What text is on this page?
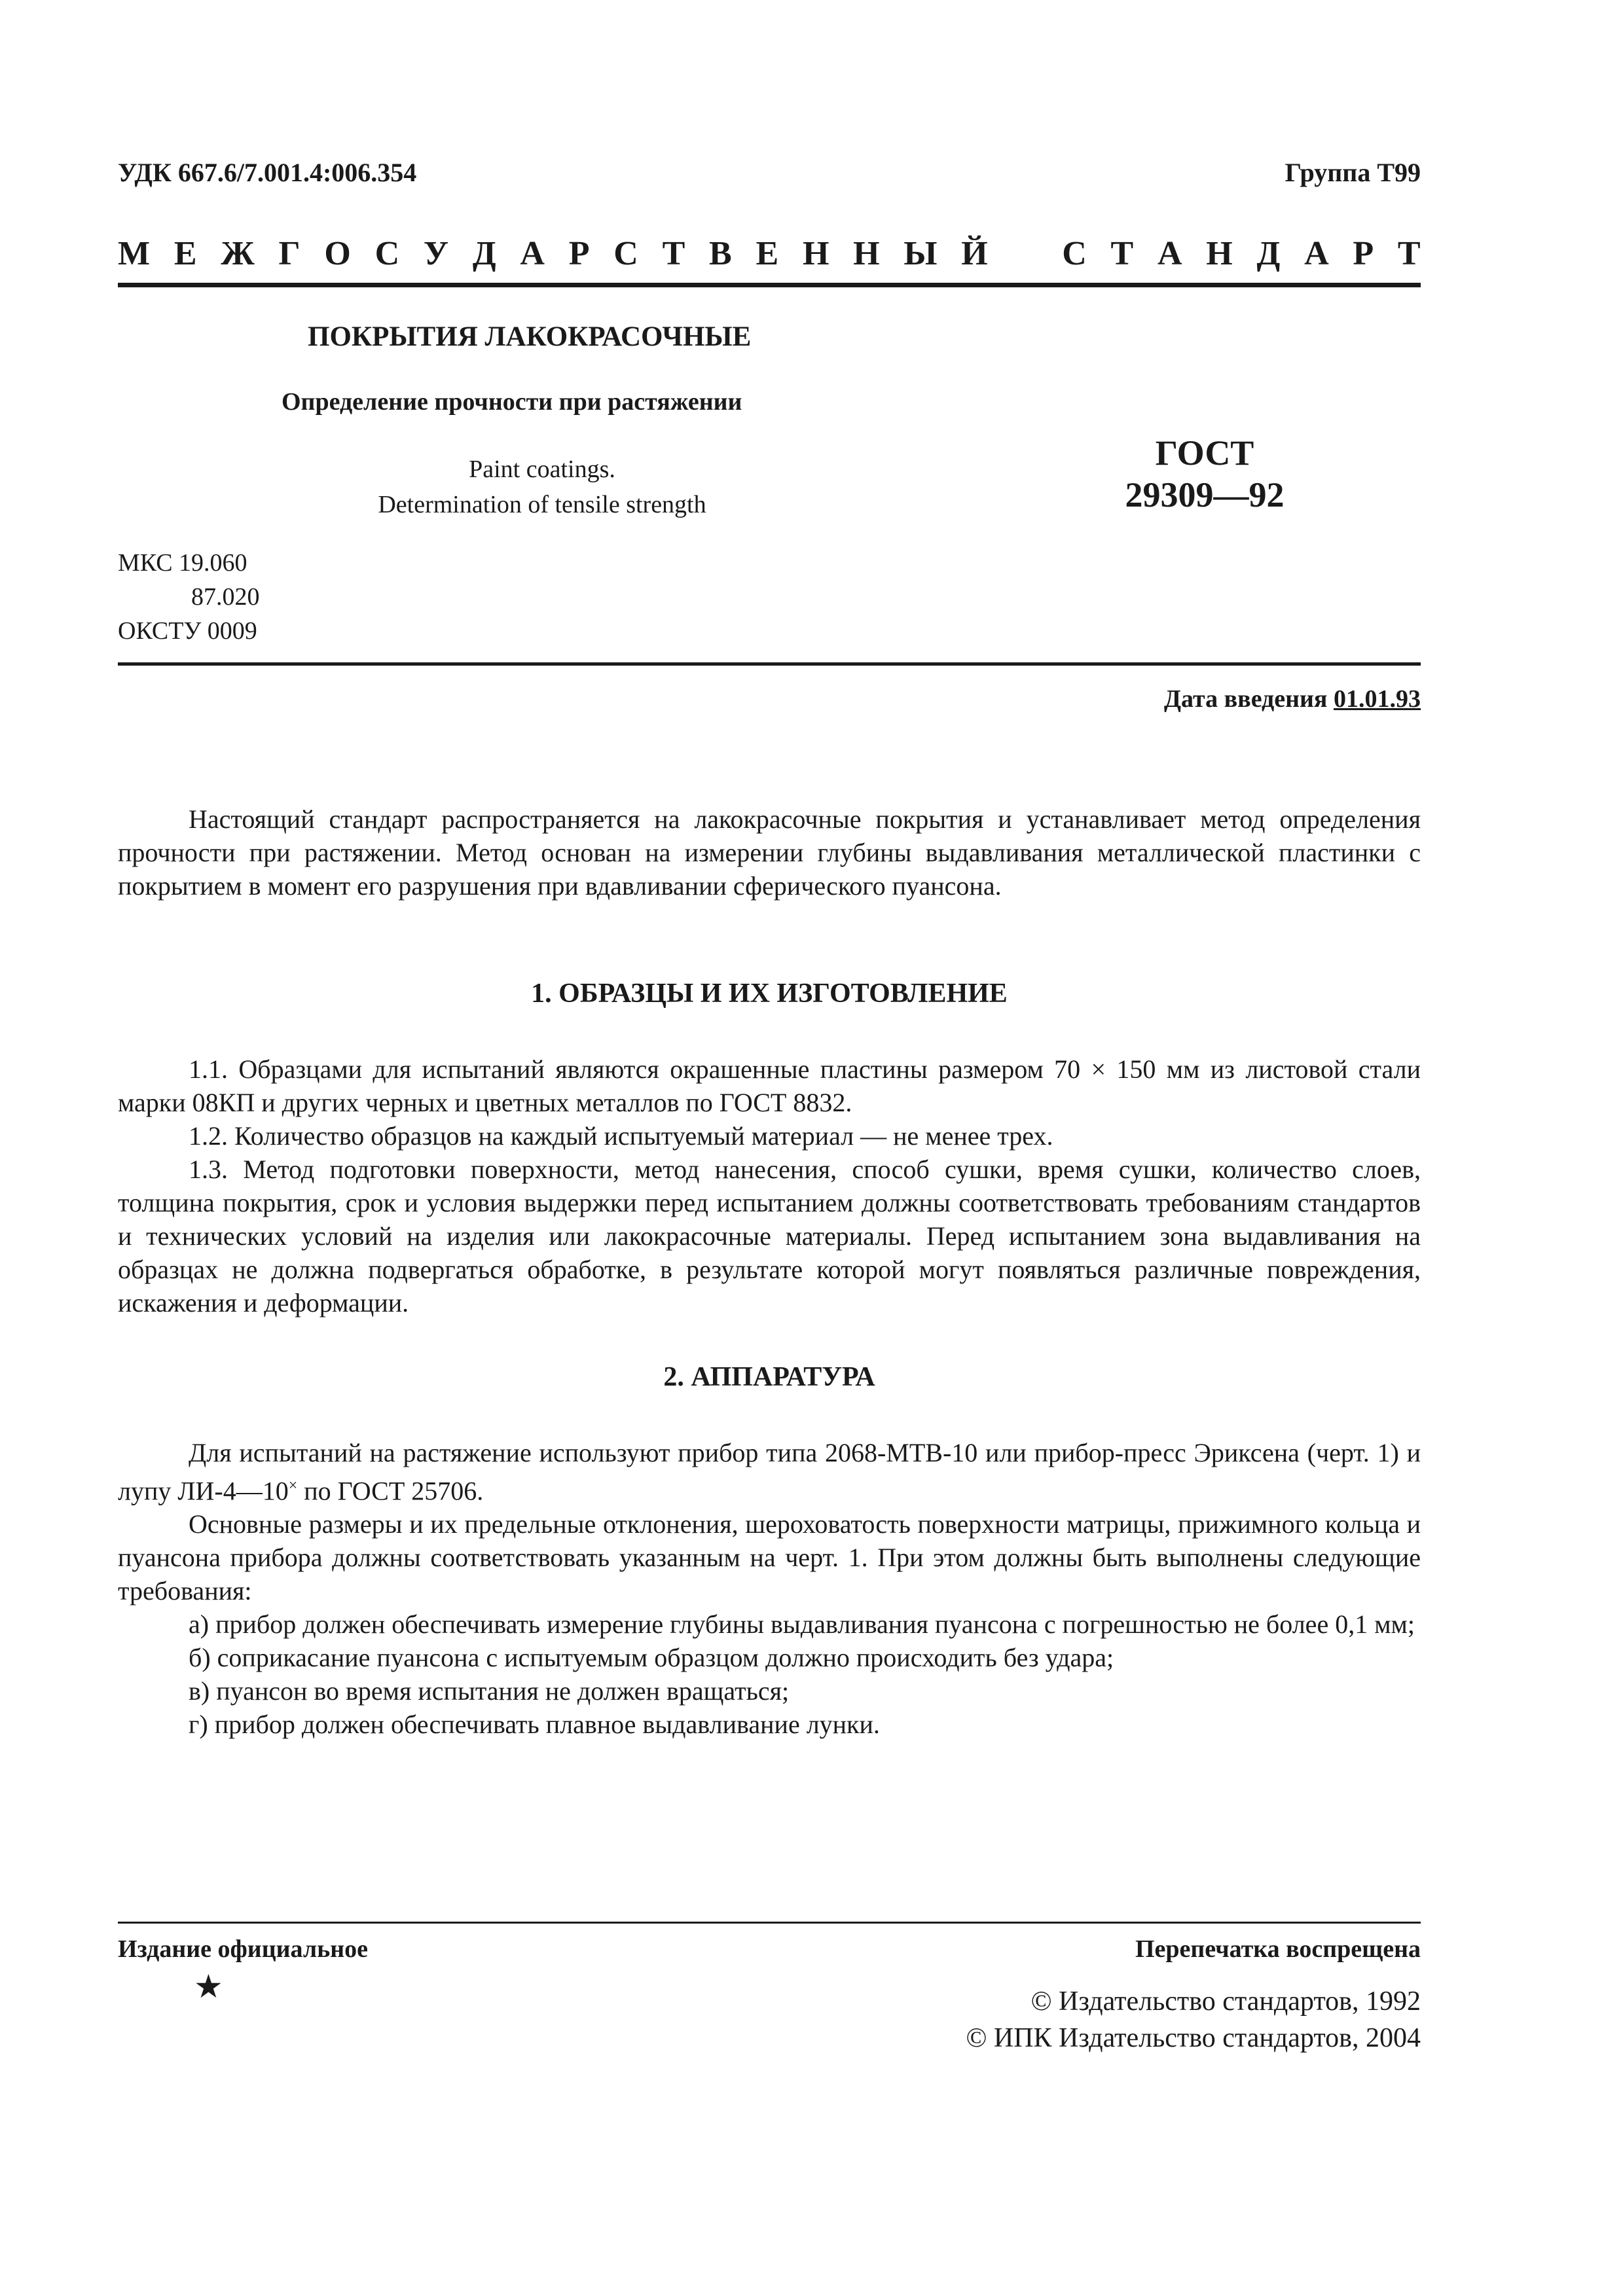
УДК 667.6/7.001.4:006.354	Группа Т99
М Е Ж Г О С У Д А Р С Т В Е Н Н Ы Й С Т А Н Д А Р Т
ПОКРЫТИЯ ЛАКОКРАСОЧНЫЕ
Определение прочности при растяжении
Paint coatings.
Determination of tensile strength
ГОСТ
29309—92
МКС 19.060
87.020
ОКСТУ 0009
Дата введения 01.01.93

Настоящий стандарт распространяется на лакокрасочные покрытия и устанавливает метод определения прочности при растяжении. Метод основан на измерении глубины выдавливания металлической пластинки с покрытием в момент его разрушения при вдавливании сферического пуансона.

1. ОБРАЗЦЫ И ИХ ИЗГОТОВЛЕНИЕ

1.1. Образцами для испытаний являются окрашенные пластины размером 70 × 150 мм из листовой стали марки 08КП и других черных и цветных металлов по ГОСТ 8832.

1.2. Количество образцов на каждый испытуемый материал — не менее трех.

1.3. Метод подготовки поверхности, метод нанесения, способ сушки, время сушки, количество слоев, толщина покрытия, срок и условия выдержки перед испытанием должны соответствовать требованиям стандартов и технических условий на изделия или лакокрасочные материалы. Перед испытанием зона выдавливания на образцах не должна подвергаться обработке, в результате которой могут появляться различные повреждения, искажения и деформации.

2. АППАРАТУРА

Для испытаний на растяжение используют прибор типа 2068-МТВ-10 или прибор-пресс Эриксена (черт. 1) и лупу ЛИ-4—10× по ГОСТ 25706.

Основные размеры и их предельные отклонения, шероховатость поверхности матрицы, прижимного кольца и пуансона прибора должны соответствовать указанным на черт. 1. При этом должны быть выполнены следующие требования:

а) прибор должен обеспечивать измерение глубины выдавливания пуансона с погрешностью не более 0,1 мм;

б) соприкасание пуансона с испытуемым образцом должно происходить без удара;

в) пуансон во время испытания не должен вращаться;

г) прибор должен обеспечивать плавное выдавливание лунки.

Издание официальное
★
Перепечатка воспрещена
© Издательство стандартов, 1992
© ИПК Издательство стандартов, 2004
